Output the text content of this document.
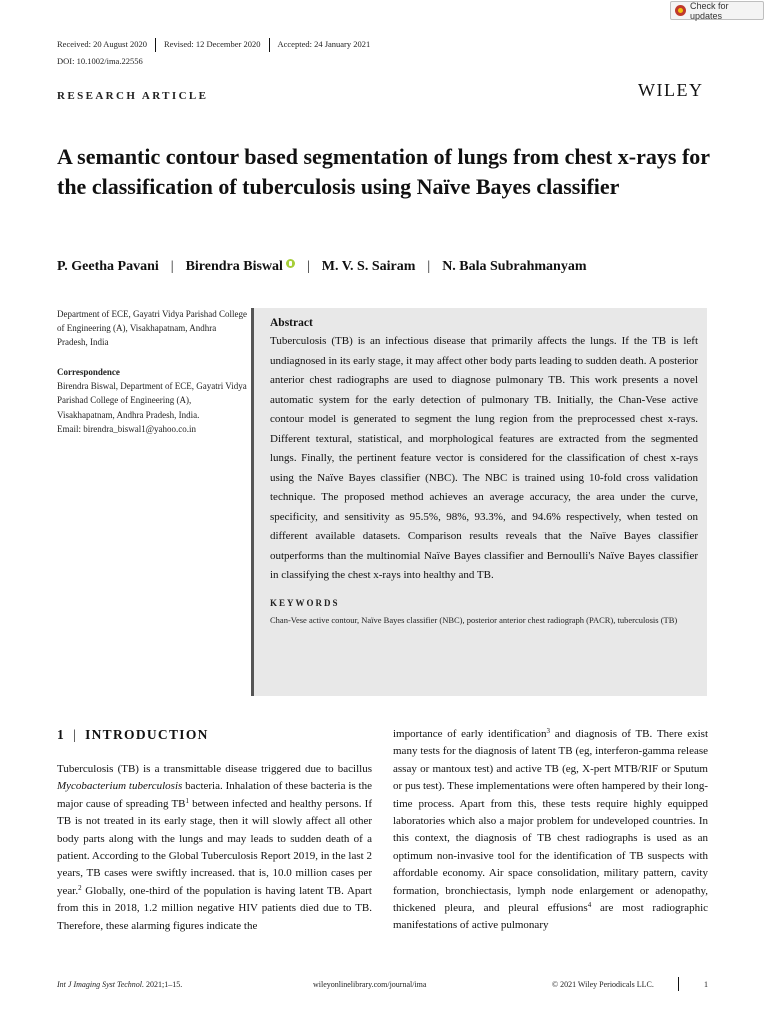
Check for updates
Received: 20 August 2020 Revised: 12 December 2020 Accepted: 24 January 2021
DOI: 10.1002/ima.22556
RESEARCH ARTICLE	WILEY
A semantic contour based segmentation of lungs from chest x-rays for the classification of tuberculosis using Naïve Bayes classifier
P. Geetha Pavani | Birendra Biswal | M. V. S. Sairam | N. Bala Subrahmanyam
Department of ECE, Gayatri Vidya Parishad College of Engineering (A), Visakhapatnam, Andhra Pradesh, India
Correspondence
Birendra Biswal, Department of ECE, Gayatri Vidya Parishad College of Engineering (A), Visakhapatnam, Andhra Pradesh, India.
Email: birendra_biswal1@yahoo.co.in
Abstract
Tuberculosis (TB) is an infectious disease that primarily affects the lungs. If the TB is left undiagnosed in its early stage, it may affect other body parts leading to sudden death. A posterior anterior chest radiographs are used to diagnose pulmonary TB. This work presents a novel automatic system for the early detection of pulmonary TB. Initially, the Chan-Vese active contour model is generated to segment the lung region from the preprocessed chest x-rays. Different textural, statistical, and morphological features are extracted from the segmented lungs. Finally, the pertinent feature vector is considered for the classification of chest x-rays using the Naïve Bayes classifier (NBC). The NBC is trained using 10-fold cross validation technique. The proposed method achieves an average accuracy, the area under the curve, specificity, and sensitivity as 95.5%, 98%, 93.3%, and 94.6% respectively, when tested on different available datasets. Comparison results reveals that the Naïve Bayes classifier outperforms than the multinomial Naïve Bayes classifier and Bernoulli's Naïve Bayes classifier in classifying the chest x-rays into healthy and TB.
KEYWORDS
Chan-Vese active contour, Naïve Bayes classifier (NBC), posterior anterior chest radiograph (PACR), tuberculosis (TB)
1 | INTRODUCTION
Tuberculosis (TB) is a transmittable disease triggered due to bacillus Mycobacterium tuberculosis bacteria. Inhalation of these bacteria is the major cause of spreading $TB^1$ between infected and healthy persons. If TB is not treated in its early stage, then it will slowly affect all other body parts along with the lungs and may leads to sudden death of a patient. According to the Global Tuberculosis Report 2019, in the last 2 years, TB cases were swiftly increased. that is, 10.0 million cases per year.$^2$ Globally, one-third of the population is having latent TB. Apart from this in 2018, 1.2 million negative HIV patients died due to TB. Therefore, these alarming figures indicate the
importance of early identification$^3$ and diagnosis of TB. There exist many tests for the diagnosis of latent TB (eg, interferon-gamma release assay or mantoux test) and active TB (eg, X-pert MTB/RIF or Sputum or pus test). These implementations were often hampered by their long-time process. Apart from this, these tests require highly equipped laboratories which also a major problem for undeveloped countries. In this context, the diagnosis of TB chest radiographs is used as an optimum non-invasive tool for the identification of TB suspects with affordable economy. Air space consolidation, military pattern, cavity formation, bronchiectasis, lymph node enlargement or adenopathy, thickened pleura, and pleural effusions$^4$ are most radiographic manifestations of active pulmonary
Int J Imaging Syst Technol. 2021;1–15.	wileyonlinelibrary.com/journal/ima	© 2021 Wiley Periodicals LLC.	1
